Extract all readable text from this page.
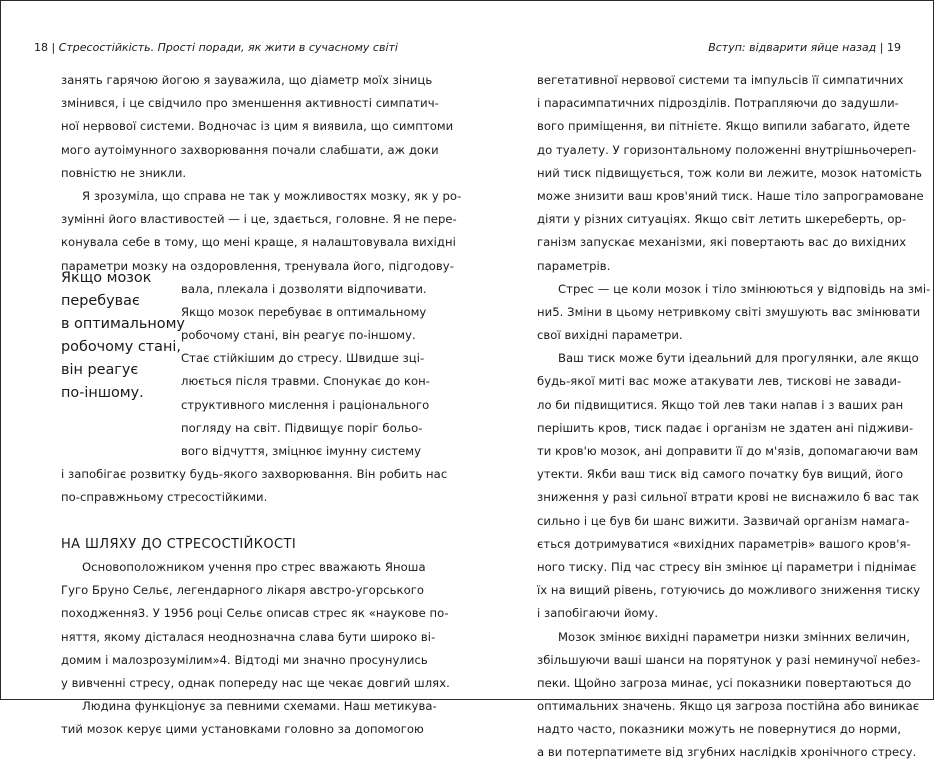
18 | Стресостійкість. Прості поради, як жити в сучасному світі
Якщо мозок
перебуває
в оптимальному
робочому стані,
він реагує
по-іншому.
занять гарячою йогою я зауважила, що діаметр моїх зіниць
змінився, і це свідчило про зменшення активності симпатич-
ної нервової системи. Водночас із цим я виявила, що симптоми
мого аутоімунного захворювання почали слабшати, аж доки
повністю не зникли.
Я зрозуміла, що справа не так у можливостях мозку, як у ро-
зумінні його властивостей — і це, здається, головне. Я не пере-
конувала себе в тому, що мені краще, я налаштовувала вихідні
параметри мозку на оздоровлення, тренувала його, підгодову-
вала, плекала і дозволяти відпочивати.
Якщо мозок перебуває в оптимальному
робочому стані, він реагує по-іншому.
Стає стійкішим до стресу. Швидше зці-
люється після травми. Спонукає до кон-
структивного мислення і раціонального
погляду на світ. Підвищує поріг больо-
вого відчуття, зміцнює імунну систему
і запобігає розвитку будь-якого захворювання. Він робить нас
по-справжньому стресостійкими.
НА ШЛЯХУ ДО СТРЕСОСТІЙКОСТІ
Основоположником учення про стрес вважають Яноша
Гуго Бруно Сельє, легендарного лікаря австро-угорського
походження3. У 1956 році Сельє описав стрес як «наукове по-
няття, якому дісталася неоднозначна слава бути широко ві-
домим і малозрозумілим»4. Відтоді ми значно просунулись
у вивченні стресу, однак попереду нас ще чекає довгий шлях.
Людина функціонує за певними схемами. Наш метикува-
тий мозок керує цими установками головно за допомогою
Вступ: відварити яйце назад | 19
вегетативної нервової системи та імпульсів її симпатичних
і парасимпатичних підрозділів. Потрапляючи до задушли-
вого приміщення, ви пітнієте. Якщо випили забагато, йдете
до туалету. У горизонтальному положенні внутрішньочереп-
ний тиск підвищується, тож коли ви лежите, мозок натомість
може знизити ваш кров'яний тиск. Наше тіло запрограмоване
діяти у різних ситуаціях. Якщо світ летить шкереберть, ор-
ганізм запускає механізми, які повертають вас до вихідних
параметрів.
Стрес — це коли мозок і тіло змінюються у відповідь на змі-
ни5. Зміни в цьому нетривкому світі змушують вас змінювати
свої вихідні параметри.
Ваш тиск може бути ідеальний для прогулянки, але якщо
будь-якої миті вас може атакувати лев, тискові не завади-
ло би підвищитися. Якщо той лев таки напав і з ваших ран
перішить кров, тиск падає і організм не здатен ані підживи-
ти кров'ю мозок, ані доправити її до м'язів, допомагаючи вам
утекти. Якби ваш тиск від самого початку був вищий, його
зниження у разі сильної втрати крові не виснажило б вас так
сильно і це був би шанс вижити. Зазвичай організм намага-
ється дотримуватися «вихідних параметрів» вашого кров'я-
ного тиску. Під час стресу він змінює ці параметри і піднімає
їх на вищий рівень, готуючись до можливого зниження тиску
і запобігаючи йому.
Мозок змінює вихідні параметри низки змінних величин,
збільшуючи ваші шанси на порятунок у разі неминучої небез-
пеки. Щойно загроза минає, усі показники повертаються до
оптимальних значень. Якщо ця загроза постійна або виникає
надто часто, показники можуть не повернутися до норми,
а ви потерпатимете від згубних наслідків хронічного стресу.
